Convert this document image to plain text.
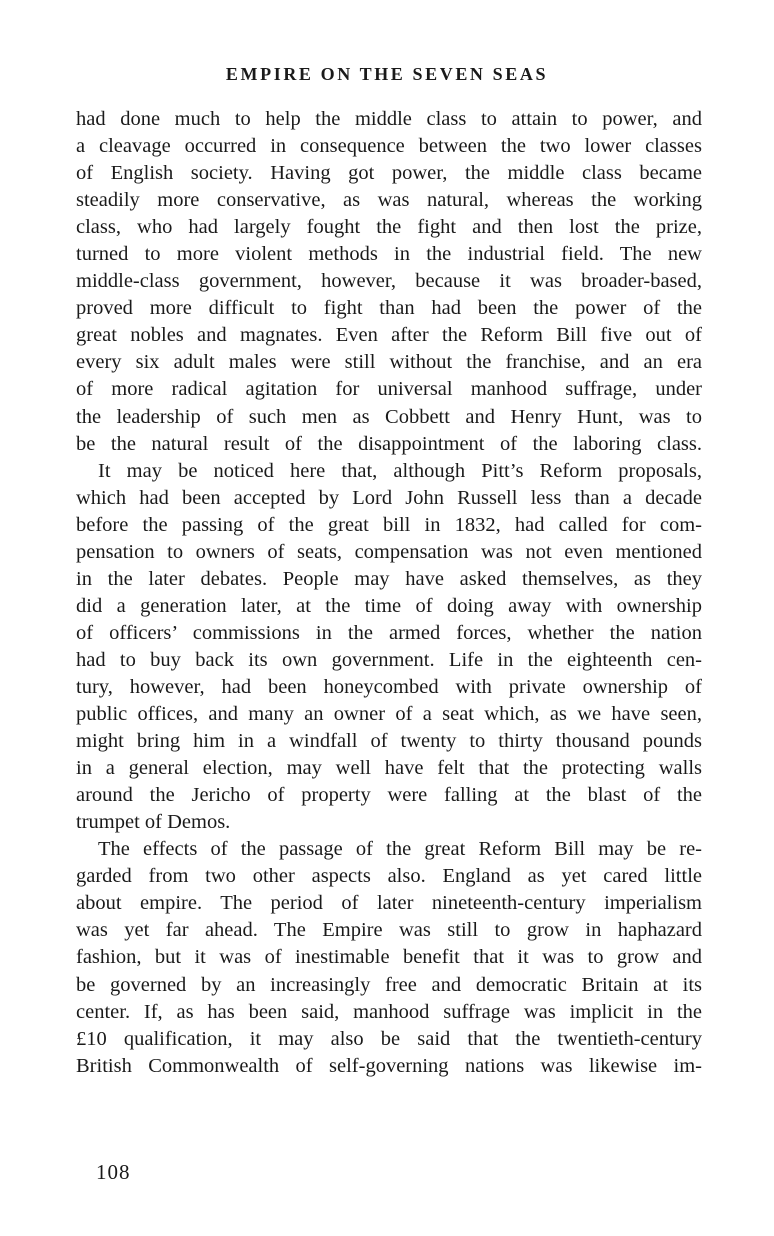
EMPIRE ON THE SEVEN SEAS

had done much to help the middle class to attain to power, and
a cleavage occurred in consequence between the two lower classes
of English society. Having got power, the middle class became
steadily more conservative, as was natural, whereas the working
class, who had largely fought the fight and then lost the prize,
turned to more violent methods in the industrial field. The new
middle-class government, however, because it was broader-based,
proved more difficult to fight than had been the power of the
great nobles and magnates. Even after the Reform Bill five out of
every six adult males were still without the franchise, and an era
of more radical agitation for universal manhood suffrage, under
the leadership of such men as Cobbett and Henry Hunt, was to
be the natural result of the disappointment of the laboring class.

It may be noticed here that, although Pitt’s Reform proposals,
which had been accepted by Lord John Russell less than a decade
before the passing of the great bill in 1832, had called for com-
pensation to owners of seats, compensation was not even mentioned
in the later debates. People may have asked themselves, as they
did a generation later, at the time of doing away with ownership
of officers’ commissions in the armed forces, whether the nation
had to buy back its own government. Life in the eighteenth cen-
tury, however, had been honeycombed with private ownership of
public offices, and many an owner of a seat which, as we have seen,
might bring him in a windfall of twenty to thirty thousand pounds
in a general election, may well have felt that the protecting walls
around the Jericho of property were falling at the blast of the
trumpet of Demos.

The effects of the passage of the great Reform Bill may be re-
garded from two other aspects also. England as yet cared little
about empire. The period of later nineteenth-century imperialism
was yet far ahead. The Empire was still to grow in haphazard
fashion, but it was of inestimable benefit that it was to grow and
be governed by an increasingly free and democratic Britain at its
center. If, as has been said, manhood suffrage was implicit in the
£10 qualification, it may also be said that the twentieth-century
British Commonwealth of self-governing nations was likewise im-

108
